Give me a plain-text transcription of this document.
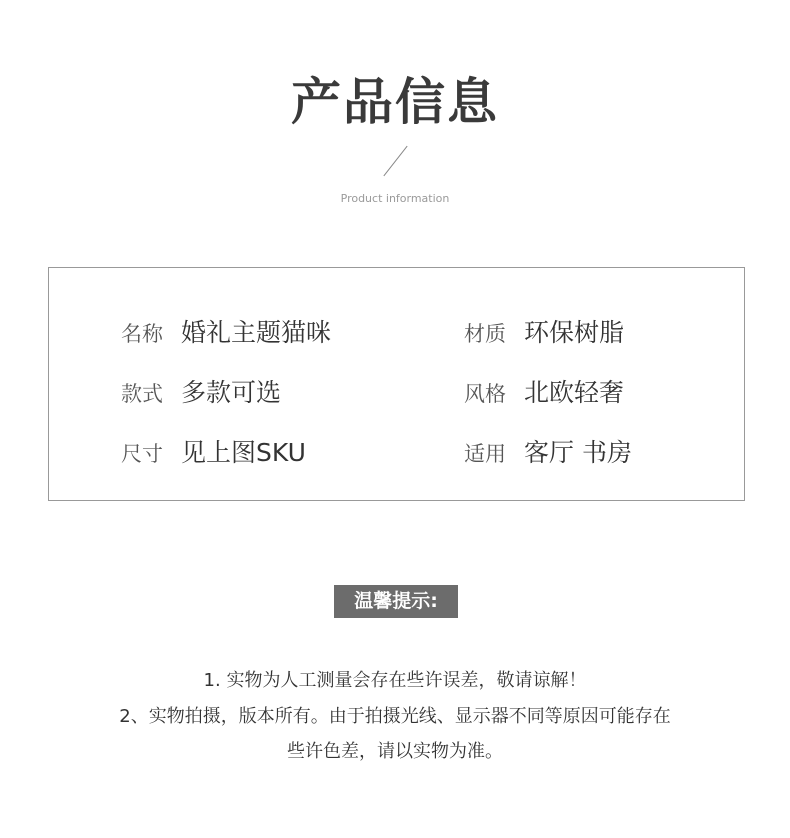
产品信息
Product information
名称 婚礼主题猫咪	材质 环保树脂
款式 多款可选	风格 北欧轻奢
尺寸 见上图SKU	适用 客厅 书房
温馨提示:
1. 实物为人工测量会存在些许误差，敬请谅解！
2、实物拍摄，版本所有。由于拍摄光线、显示器不同等原因可能存在
些许色差，请以实物为准。
